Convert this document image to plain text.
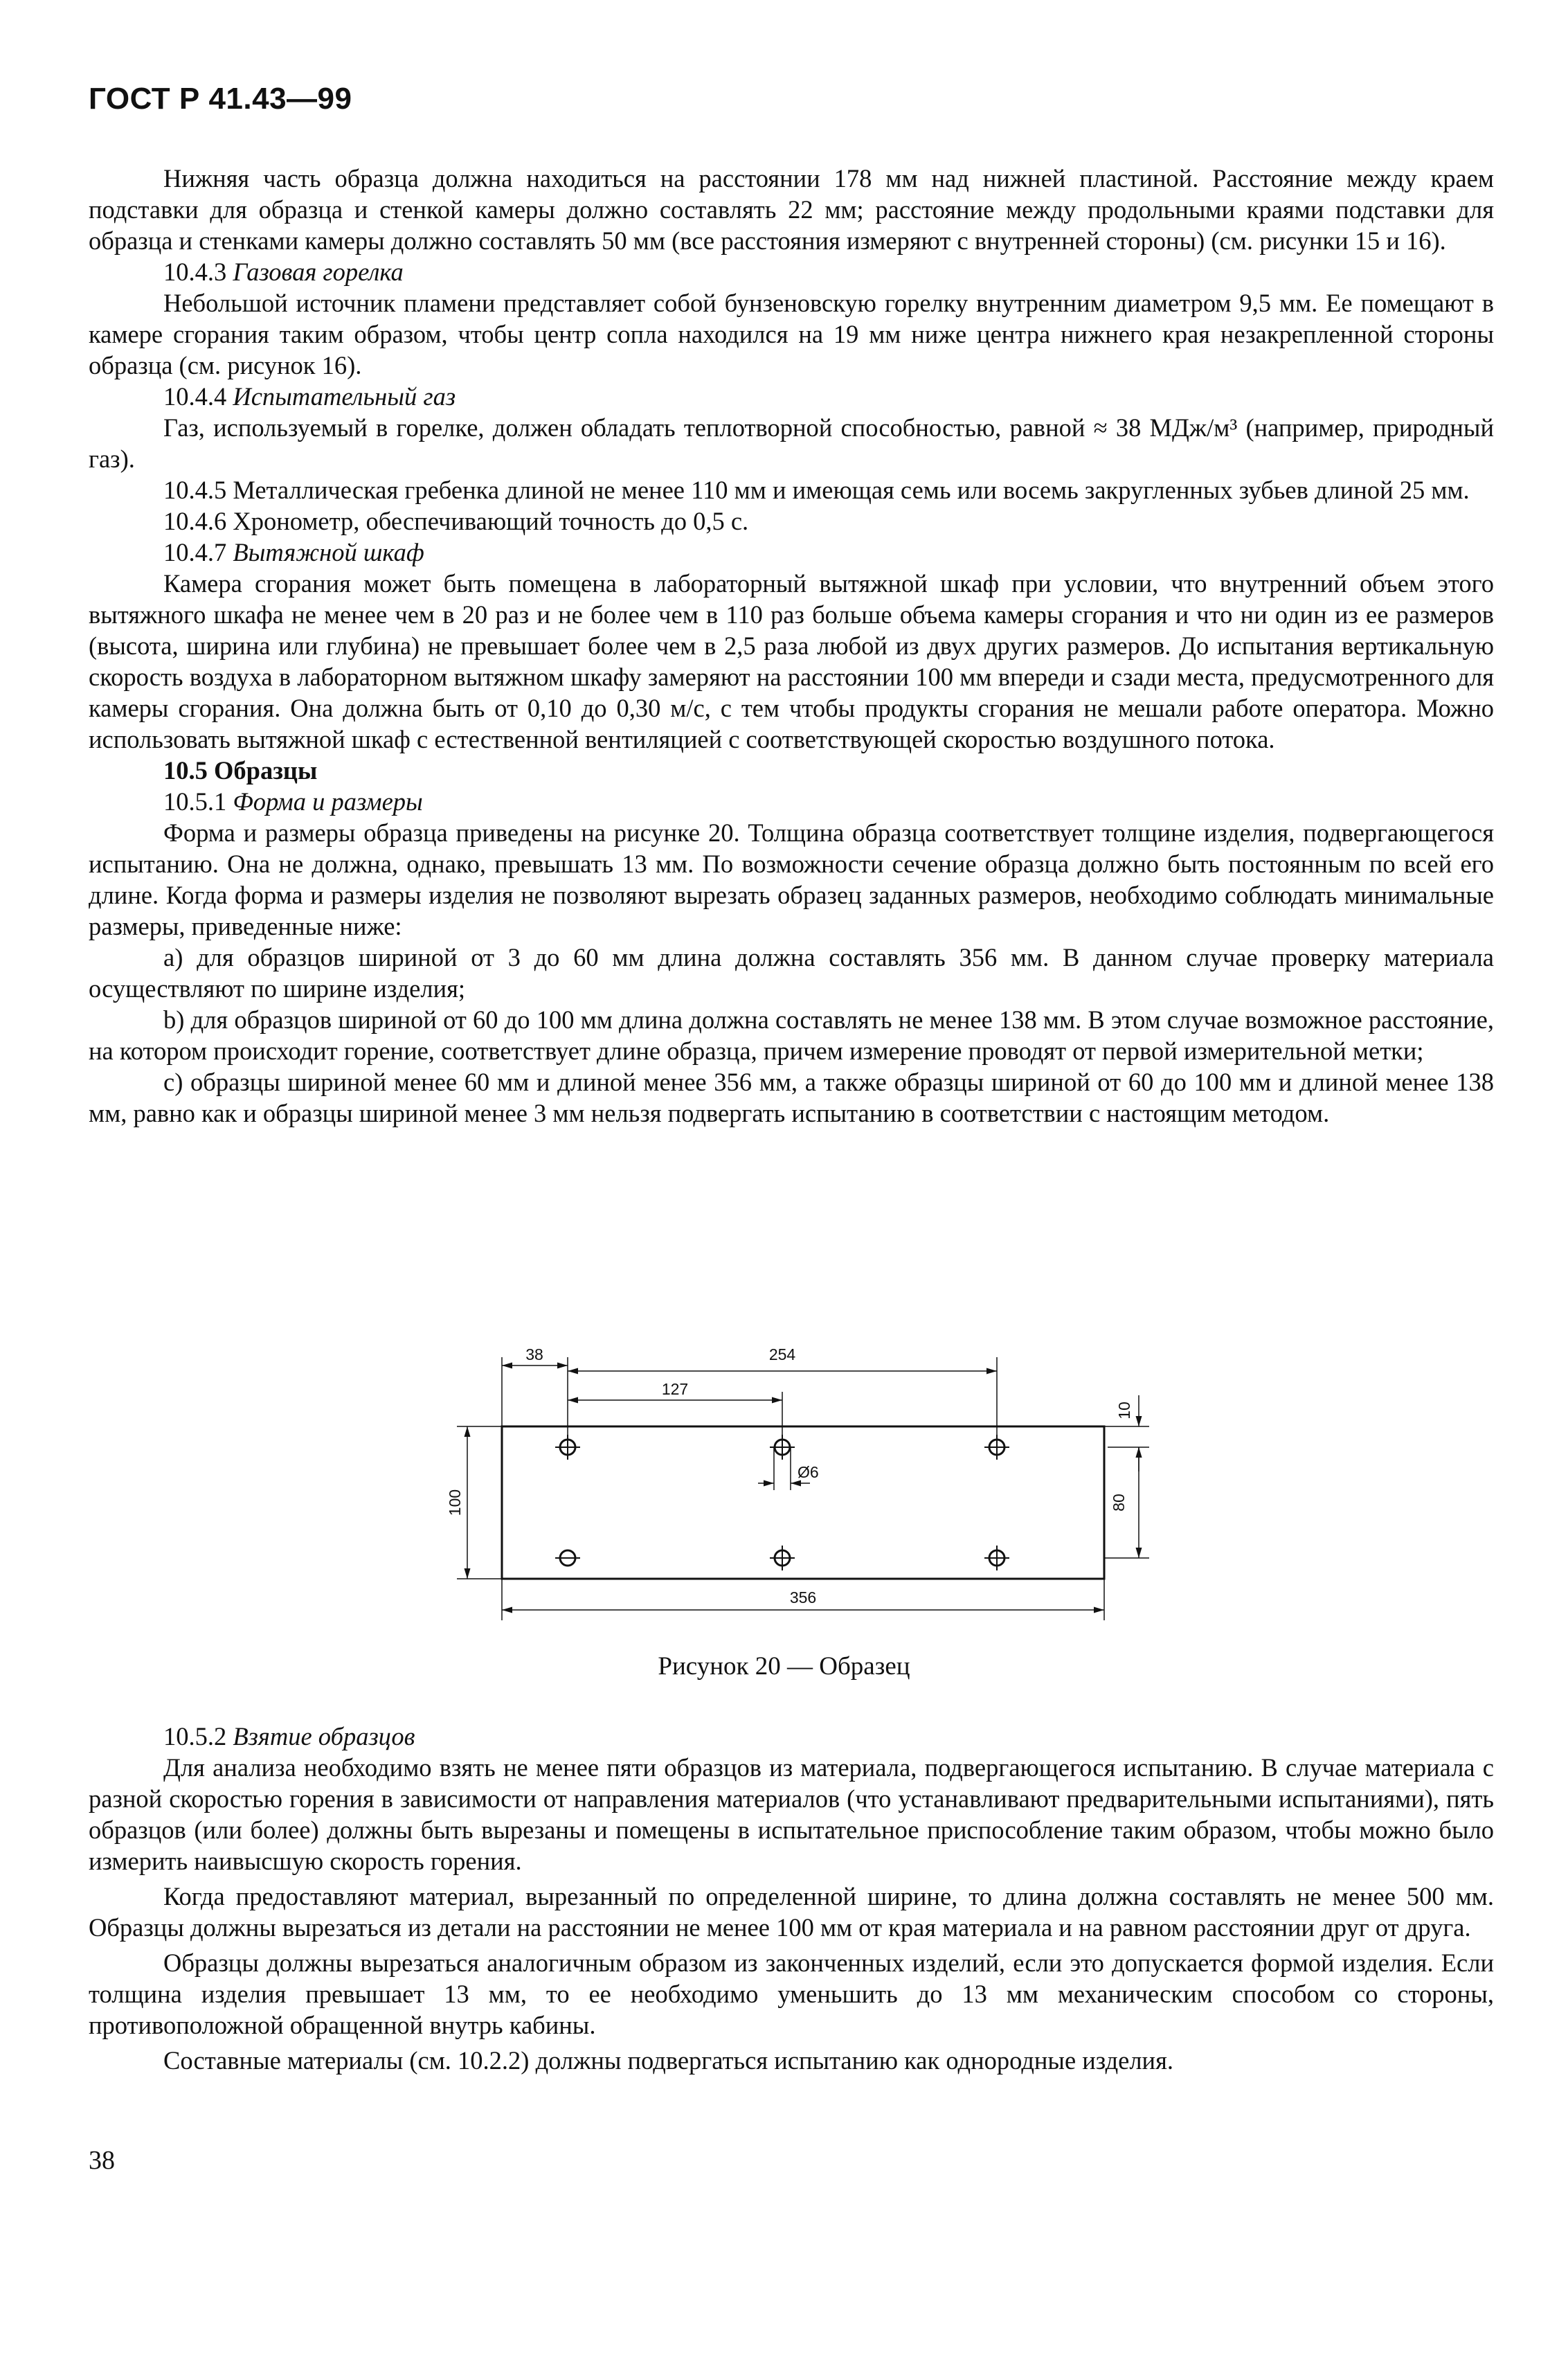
ГОСТ Р 41.43—99

Нижняя часть образца должна находиться на расстоянии 178 мм над нижней пластиной. Расстояние между краем подставки для образца и стенкой камеры должно составлять 22 мм; расстояние между продольными краями подставки для образца и стенками камеры должно составлять 50 мм (все расстояния измеряют с внутренней стороны) (см. рисунки 15 и 16).

10.4.3 Газовая горелка

Небольшой источник пламени представляет собой бунзеновскую горелку внутренним диаметром 9,5 мм. Ее помещают в камере сгорания таким образом, чтобы центр сопла находился на 19 мм ниже центра нижнего края незакрепленной стороны образца (см. рисунок 16).

10.4.4 Испытательный газ

Газ, используемый в горелке, должен обладать теплотворной способностью, равной ≈ 38 МДж/м³ (например, природный газ).

10.4.5 Металлическая гребенка длиной не менее 110 мм и имеющая семь или восемь закругленных зубьев длиной 25 мм.

10.4.6 Хронометр, обеспечивающий точность до 0,5 с.

10.4.7 Вытяжной шкаф

Камера сгорания может быть помещена в лабораторный вытяжной шкаф при условии, что внутренний объем этого вытяжного шкафа не менее чем в 20 раз и не более чем в 110 раз больше объема камеры сгорания и что ни один из ее размеров (высота, ширина или глубина) не превышает более чем в 2,5 раза любой из двух других размеров. До испытания вертикальную скорость воздуха в лабораторном вытяжном шкафу замеряют на расстоянии 100 мм впереди и сзади места, предусмотренного для камеры сгорания. Она должна быть от 0,10 до 0,30 м/с, с тем чтобы продукты сгорания не мешали работе оператора. Можно использовать вытяжной шкаф с естественной вентиляцией с соответствующей скоростью воздушного потока.

10.5 Образцы

10.5.1 Форма и размеры

Форма и размеры образца приведены на рисунке 20. Толщина образца соответствует толщине изделия, подвергающегося испытанию. Она не должна, однако, превышать 13 мм. По возможности сечение образца должно быть постоянным по всей его длине. Когда форма и размеры изделия не позволяют вырезать образец заданных размеров, необходимо соблюдать минимальные размеры, приведенные ниже:

a) для образцов шириной от 3 до 60 мм длина должна составлять 356 мм. В данном случае проверку материала осуществляют по ширине изделия;

b) для образцов шириной от 60 до 100 мм длина должна составлять не менее 138 мм. В этом случае возможное расстояние, на котором происходит горение, соответствует длине образца, причем измерение проводят от первой измерительной метки;

c) образцы шириной менее 60 мм и длиной менее 356 мм, а также образцы шириной от 60 до 100 мм и длиной менее 138 мм, равно как и образцы шириной менее 3 мм нельзя подвергать испытанию в соответствии с настоящим методом.

38	254
127
10
80
100
356
Ø6
Рисунок 20 — Образец

10.5.2 Взятие образцов

Для анализа необходимо взять не менее пяти образцов из материала, подвергающегося испытанию. В случае материала с разной скоростью горения в зависимости от направления материалов (что устанавливают предварительными испытаниями), пять образцов (или более) должны быть вырезаны и помещены в испытательное приспособление таким образом, чтобы можно было измерить наивысшую скорость горения.

Когда предоставляют материал, вырезанный по определенной ширине, то длина должна составлять не менее 500 мм. Образцы должны вырезаться из детали на расстоянии не менее 100 мм от края материала и на равном расстоянии друг от друга.

Образцы должны вырезаться аналогичным образом из законченных изделий, если это допускается формой изделия. Если толщина изделия превышает 13 мм, то ее необходимо уменьшить до 13 мм механическим способом со стороны, противоположной обращенной внутрь кабины.

Составные материалы (см. 10.2.2) должны подвергаться испытанию как однородные изделия.

38
